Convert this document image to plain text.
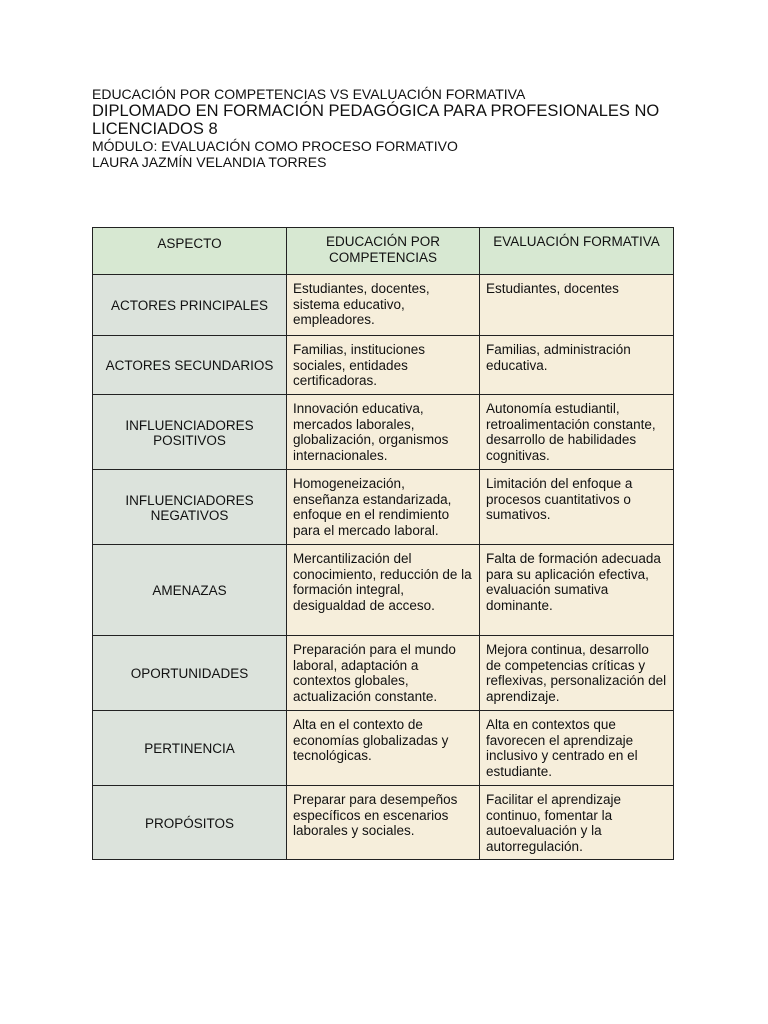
EDUCACIÓN POR COMPETENCIAS VS EVALUACIÓN FORMATIVA
DIPLOMADO EN FORMACIÓN PEDAGÓGICA PARA PROFESIONALES NO LICENCIADOS 8
MÓDULO: EVALUACIÓN COMO PROCESO FORMATIVO
LAURA JAZMÍN VELANDIA TORRES
ASPECTO	EDUCACIÓN POR COMPETENCIAS	EVALUACIÓN FORMATIVA
ACTORES PRINCIPALES	Estudiantes, docentes, sistema educativo, empleadores.	Estudiantes, docentes
ACTORES SECUNDARIOS	Familias, instituciones sociales, entidades certificadoras.	Familias, administración educativa.
INFLUENCIADORES POSITIVOS	Innovación educativa, mercados laborales, globalización, organismos internacionales.	Autonomía estudiantil, retroalimentación constante, desarrollo de habilidades cognitivas.
INFLUENCIADORES NEGATIVOS	Homogeneización, enseñanza estandarizada, enfoque en el rendimiento para el mercado laboral.	Limitación del enfoque a procesos cuantitativos o sumativos.
AMENAZAS	Mercantilización del conocimiento, reducción de la formación integral, desigualdad de acceso.	Falta de formación adecuada para su aplicación efectiva, evaluación sumativa dominante.
OPORTUNIDADES	Preparación para el mundo laboral, adaptación a contextos globales, actualización constante.	Mejora continua, desarrollo de competencias críticas y reflexivas, personalización del aprendizaje.
PERTINENCIA	Alta en el contexto de economías globalizadas y tecnológicas.	Alta en contextos que favorecen el aprendizaje inclusivo y centrado en el estudiante.
PROPÓSITOS	Preparar para desempeños específicos en escenarios laborales y sociales.	Facilitar el aprendizaje continuo, fomentar la autoevaluación y la autorregulación.
